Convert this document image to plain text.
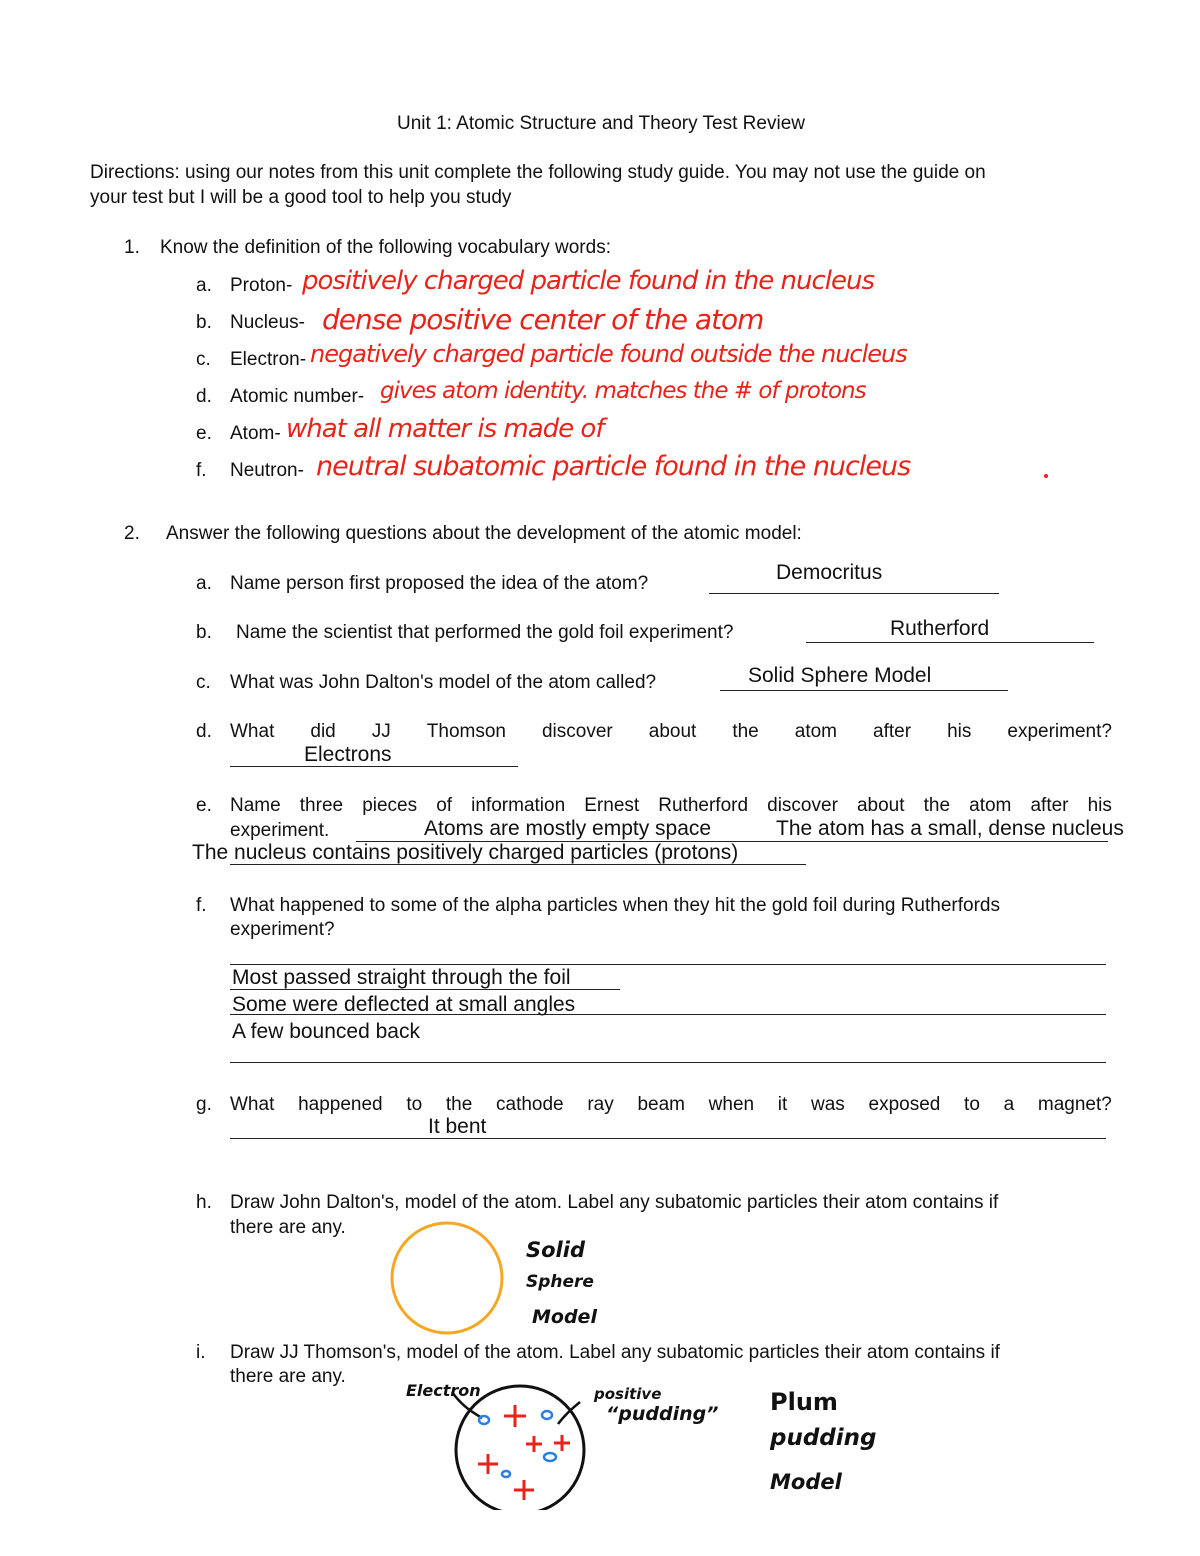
Unit 1: Atomic Structure and Theory Test Review
Directions: using our notes from this unit complete the following study guide. You may not use the guide on
your test but I will be a good tool to help you study
1. Know the definition of the following vocabulary words:
a. Proton- positively charged particle found in the nucleus
b. Nucleus- dense positive center of the atom
c. Electron- negatively charged particle found outside the nucleus
d. Atomic number- gives atom identity. matches the # of protons
e. Atom- what all matter is made of
f. Neutron- neutral subatomic particle found in the nucleus
2. Answer the following questions about the development of the atomic model:
a. Name person first proposed the idea of the atom?	Democritus
b. Name the scientist that performed the gold foil experiment?	Rutherford
c. What was John Dalton's model of the atom called?	Solid Sphere Model
d. What did JJ Thomson discover about the atom after his experiment?
Electrons
e. Name three pieces of information Ernest Rutherford discover about the atom after his
experiment.	Atoms are mostly empty space	The atom has a small, dense nucleus
The nucleus contains positively charged particles (protons)
f. What happened to some of the alpha particles when they hit the gold foil during Rutherfords
experiment?
Most passed straight through the foil
Some were deflected at small angles
A few bounced back
g. What happened to the cathode ray beam when it was exposed to a magnet?
It bent
h. Draw John Dalton's, model of the atom. Label any subatomic particles their atom contains if
there are any.
Solid
Sphere
Model
i. Draw JJ Thomson's, model of the atom. Label any subatomic particles their atom contains if
there are any.
Electron	positive
“pudding” Plum
pudding
Model
